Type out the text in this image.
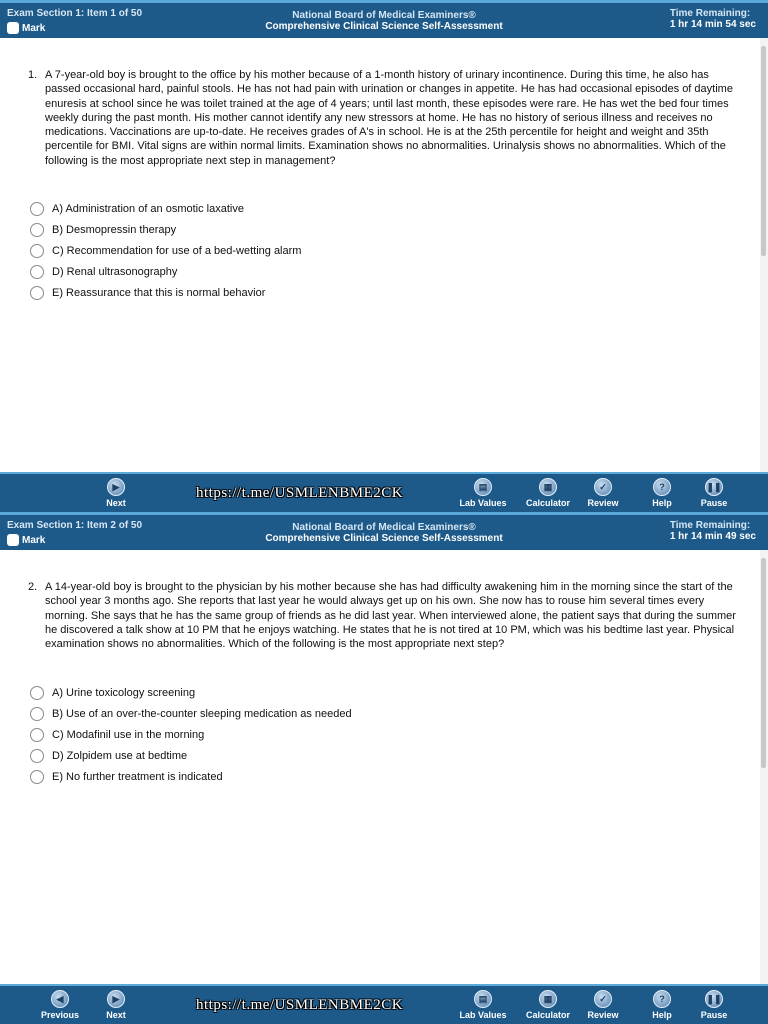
Exam Section 1: Item 1 of 50
Mark
National Board of Medical Examiners®
Comprehensive Clinical Science Self-Assessment
Time Remaining:
1 hr 14 min 54 sec
1. A 7-year-old boy is brought to the office by his mother because of a 1-month history of urinary incontinence. During this time, he also has passed occasional hard, painful stools. He has not had pain with urination or changes in appetite. He has had occasional episodes of daytime enuresis at school since he was toilet trained at the age of 4 years; until last month, these episodes were rare. He has wet the bed four times weekly during the past month. His mother cannot identify any new stressors at home. He has no history of serious illness and receives no medications. Vaccinations are up-to-date. He receives grades of A's in school. He is at the 25th percentile for height and weight and 35th percentile for BMI. Vital signs are within normal limits. Examination shows no abnormalities. Urinalysis shows no abnormalities. Which of the following is the most appropriate next step in management?
A) Administration of an osmotic laxative
B) Desmopressin therapy
C) Recommendation for use of a bed-wetting alarm
D) Renal ultrasonography
E) Reassurance that this is normal behavior
▶
Next
https://t.me/USMLENBME2CK	▤
Lab Values
▦
Calculator
✓
Review
?
Help
❚❚
Pause
Exam Section 1: Item 2 of 50
Mark
National Board of Medical Examiners®
Comprehensive Clinical Science Self-Assessment
Time Remaining:
1 hr 14 min 49 sec
2. A 14-year-old boy is brought to the physician by his mother because she has had difficulty awakening him in the morning since the start of the school year 3 months ago. She reports that last year he would always get up on his own. She now has to rouse him several times every morning. She says that he has the same group of friends as he did last year. When interviewed alone, the patient says that during the summer he discovered a talk show at 10 PM that he enjoys watching. He states that he is not tired at 10 PM, which was his bedtime last year. Physical examination shows no abnormalities. Which of the following is the most appropriate next step?
A) Urine toxicology screening
B) Use of an over-the-counter sleeping medication as needed
C) Modafinil use in the morning
D) Zolpidem use at bedtime
E) No further treatment is indicated
◀
Previous
▶
Next
https://t.me/USMLENBME2CK	▤
Lab Values
▦
Calculator
✓
Review
?
Help
❚❚
Pause
